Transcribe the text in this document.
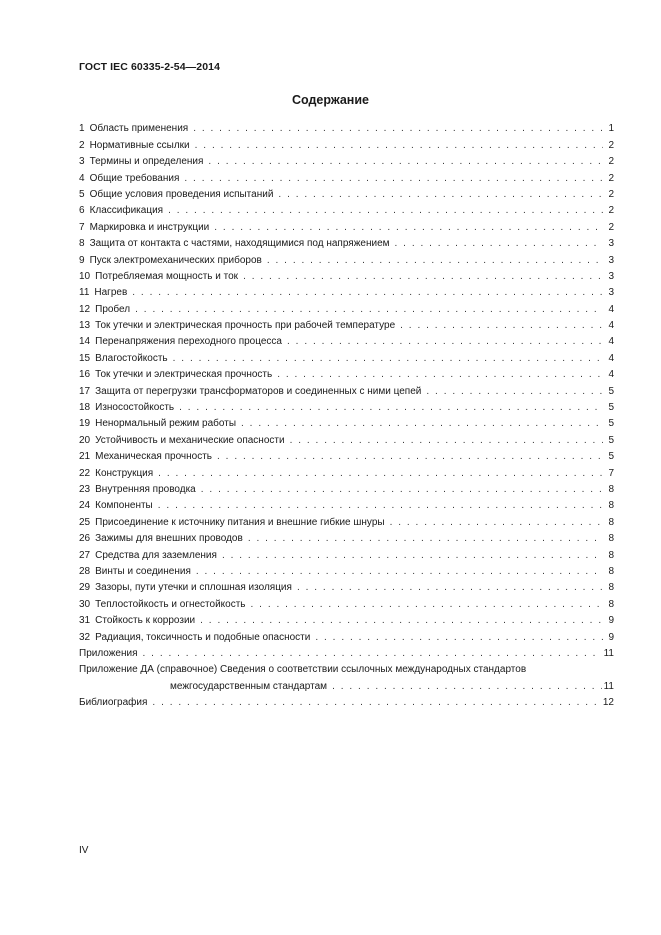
ГОСТ IEC 60335-2-54—2014
Содержание
1 Область применения . . .	1
2 Нормативные ссылки . . .	2
3 Термины и определения . . .	2
4 Общие требования . . .	2
5 Общие условия проведения испытаний . . .	2
6 Классификация . . .	2
7 Маркировка и инструкции . . .	2
8 Защита от контакта с частями, находящимися под напряжением . . .	3
9 Пуск электромеханических приборов . . .	3
10 Потребляемая мощность и ток . . .	3
11 Нагрев . . .	3
12 Пробел . . .	4
13 Ток утечки и электрическая прочность при рабочей температуре . . .	4
14 Перенапряжения переходного процесса . . .	4
15 Влагостойкость . . .	4
16 Ток утечки и электрическая прочность . . .	4
17 Защита от перегрузки трансформаторов и соединенных с ними цепей . . .	5
18 Износостойкость . . .	5
19 Ненормальный режим работы . . .	5
20 Устойчивость и механические опасности . . .	5
21 Механическая прочность . . .	5
22 Конструкция . . .	7
23 Внутренняя проводка . . .	8
24 Компоненты . . .	8
25 Присоединение к источнику питания и внешние гибкие шнуры . . .	8
26 Зажимы для внешних проводов . . .	8
27 Средства для заземления . . .	8
28 Винты и соединения . . .	8
29 Зазоры, пути утечки и сплошная изоляция . . .	8
30 Теплостойкость и огнестойкость . . .	8
31 Стойкость к коррозии . . .	9
32 Радиация, токсичность и подобные опасности . . .	9
Приложения . . .	11
Приложение ДА (справочное) Сведения о соответствии ссылочных международных стандартов
межгосударственным стандартам . . .	11
Библиография . . .	12
IV
